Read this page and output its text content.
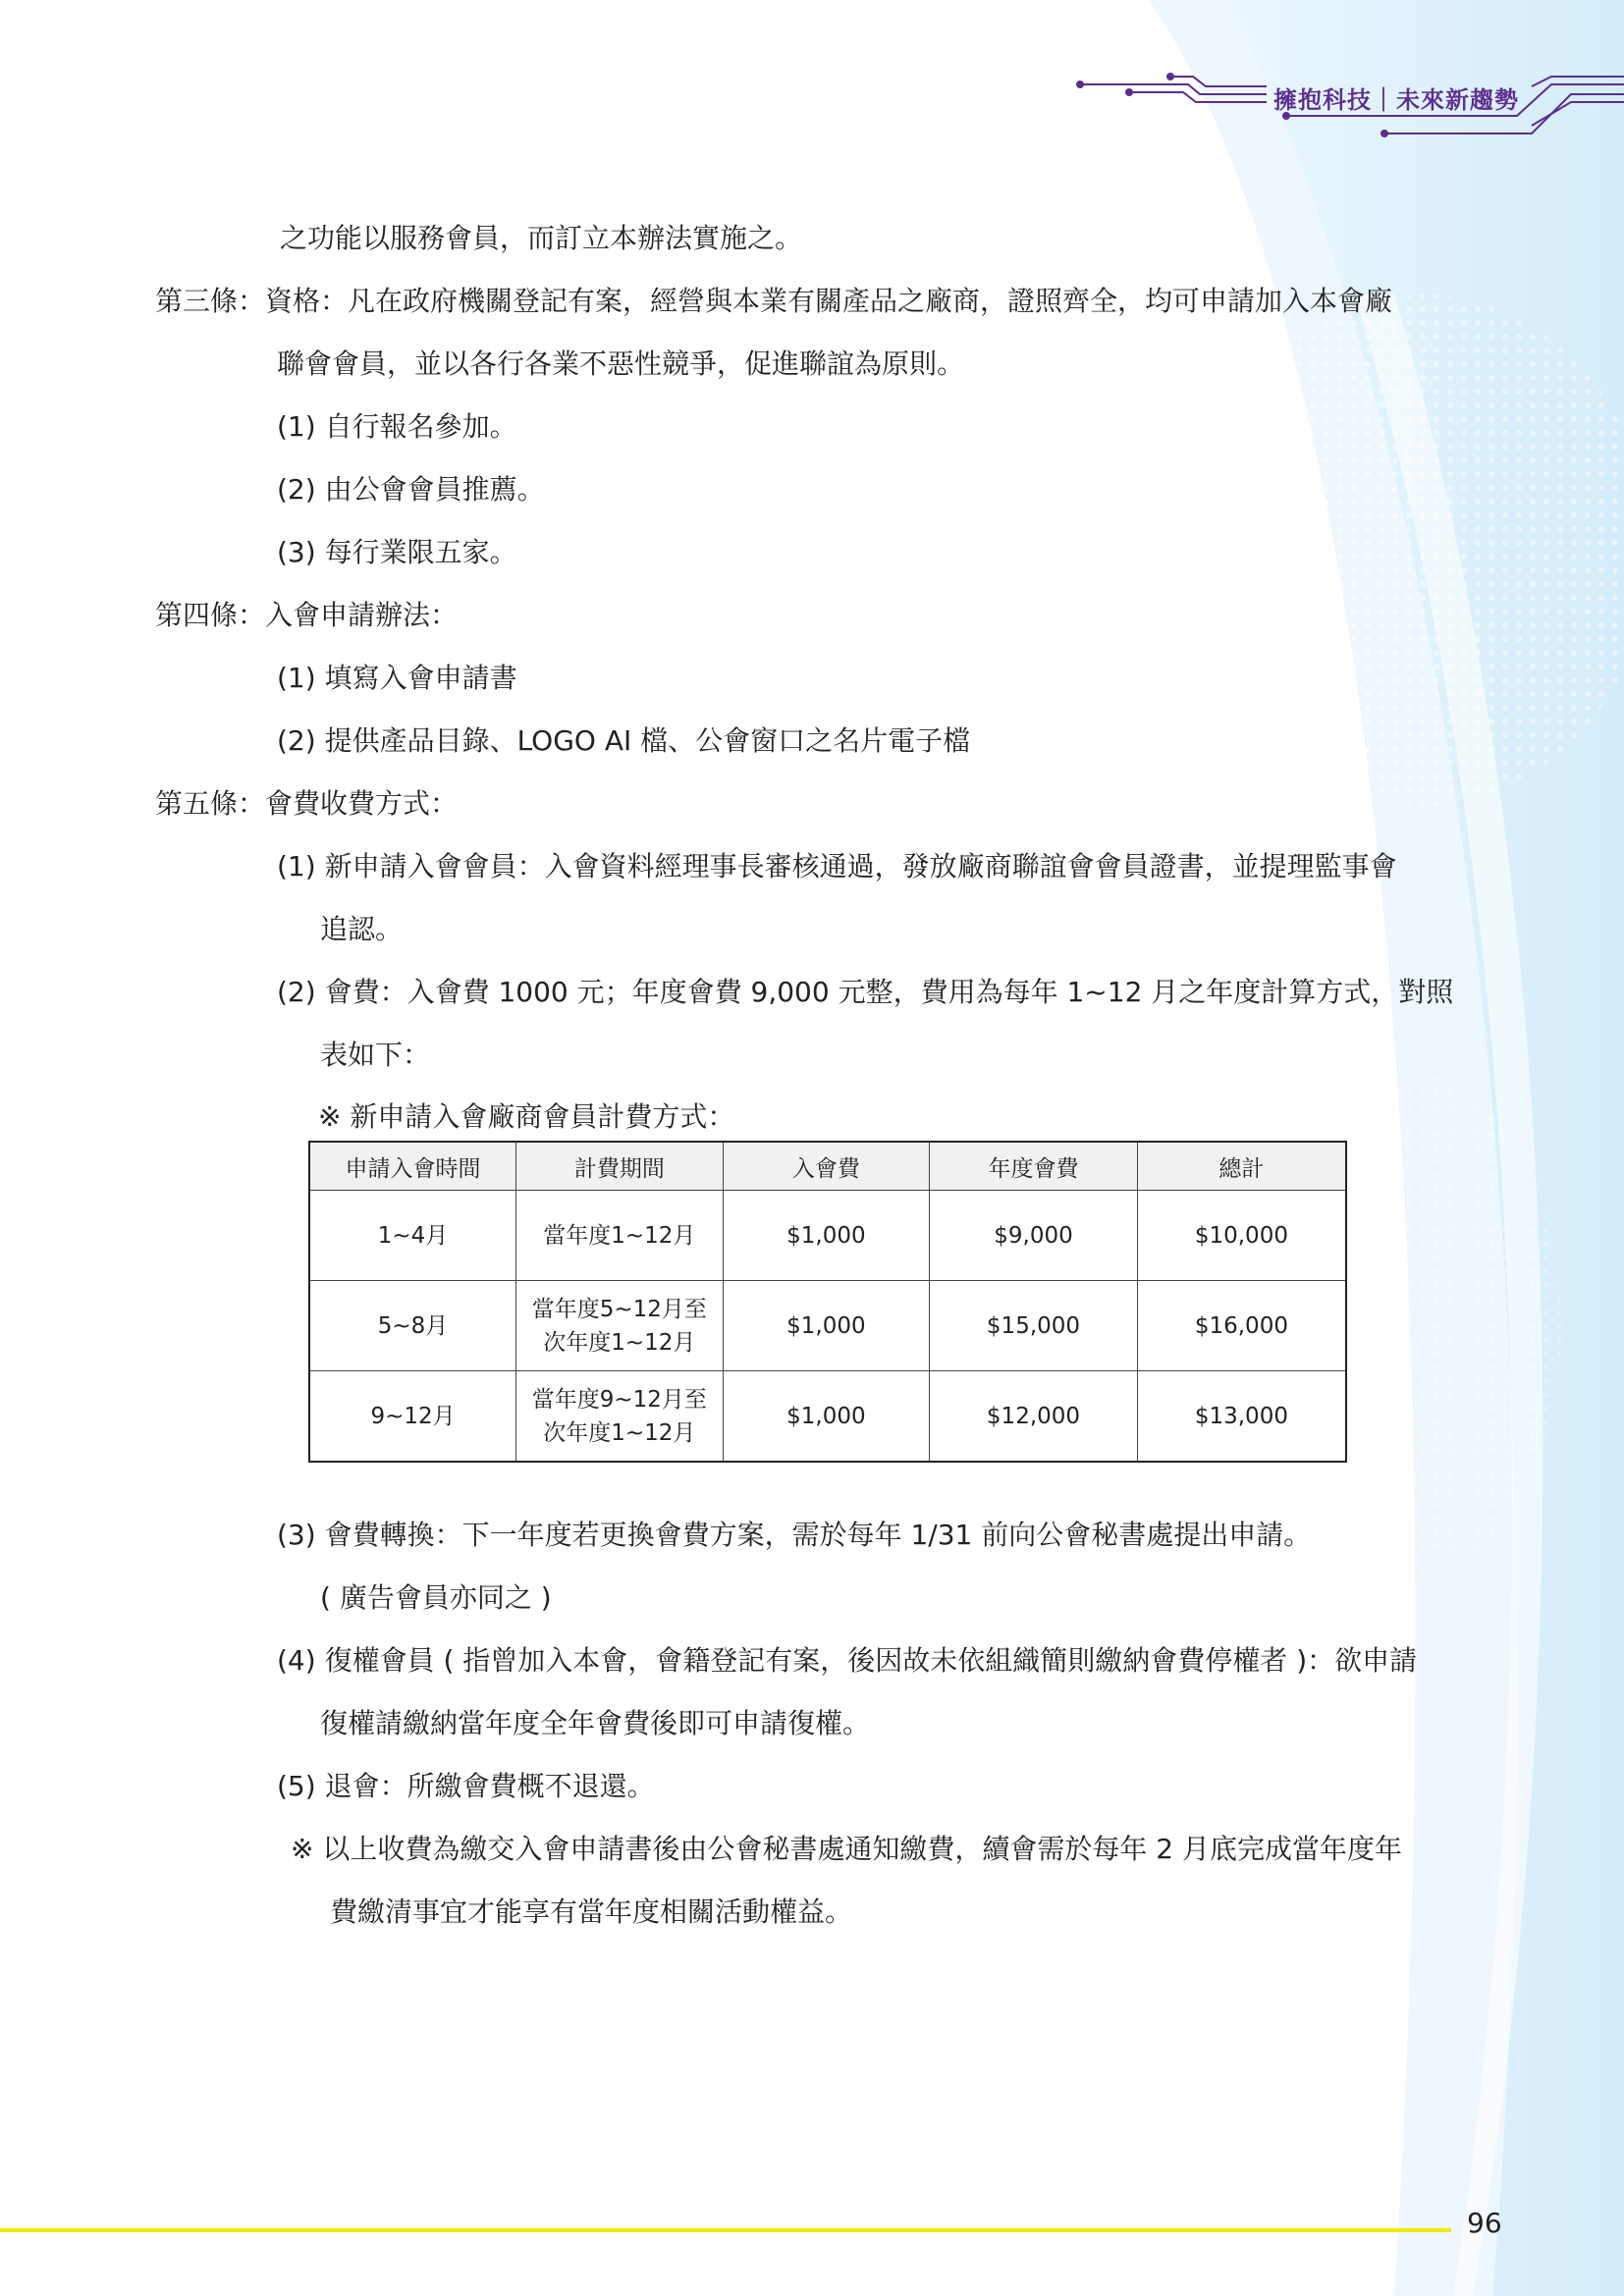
擁抱科技｜未來新趨勢
之功能以服務會員，而訂立本辦法實施之。
第三條：資格：凡在政府機關登記有案，經營與本業有關產品之廠商，證照齊全，均可申請加入本會廠
聯會會員，並以各行各業不惡性競爭，促進聯誼為原則。
(1) 自行報名參加。
(2) 由公會會員推薦。
(3) 每行業限五家。
第四條：入會申請辦法：
(1) 填寫入會申請書
(2) 提供產品目錄、LOGO AI 檔、公會窗口之名片電子檔
第五條：會費收費方式：
(1) 新申請入會會員：入會資料經理事長審核通過，發放廠商聯誼會會員證書，並提理監事會
追認。
(2) 會費：入會費 1000 元；年度會費 9,000 元整，費用為每年 1~12 月之年度計算方式，對照
表如下：
※ 新申請入會廠商會員計費方式：
申請入會時間	計費期間	入會費	年度會費	總計
1~4月	當年度1~12月	$1,000	$9,000	$10,000
5~8月	當年度5~12月至
次年度1~12月	$1,000	$15,000	$16,000
9~12月	當年度9~12月至
次年度1~12月	$1,000	$12,000	$13,000
(3) 會費轉換：下一年度若更換會費方案，需於每年 1/31 前向公會秘書處提出申請。
( 廣告會員亦同之 )
(4) 復權會員 ( 指曾加入本會，會籍登記有案，後因故未依組織簡則繳納會費停權者 )：欲申請
復權請繳納當年度全年會費後即可申請復權。
(5) 退會：所繳會費概不退還。
※ 以上收費為繳交入會申請書後由公會秘書處通知繳費，續會需於每年 2 月底完成當年度年
費繳清事宜才能享有當年度相關活動權益。
96
